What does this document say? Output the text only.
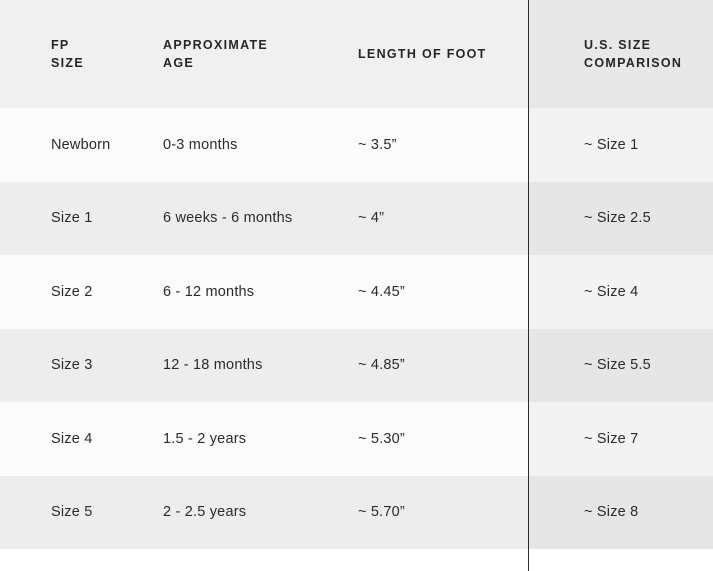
FP SIZE	APPROXIMATE AGE	LENGTH OF FOOT	U.S. SIZE COMPARISON

Newborn	0-3 months	~ 3.5”	~ Size 1

Size 1	6 weeks - 6 months	~ 4”	~ Size 2.5

Size 2	6 - 12 months	~ 4.45”	~ Size 4

Size 3	12 - 18 months	~ 4.85”	~ Size 5.5

Size 4	1.5 - 2 years	~ 5.30”	~ Size 7

Size 5	2 - 2.5 years	~ 5.70”	~ Size 8
